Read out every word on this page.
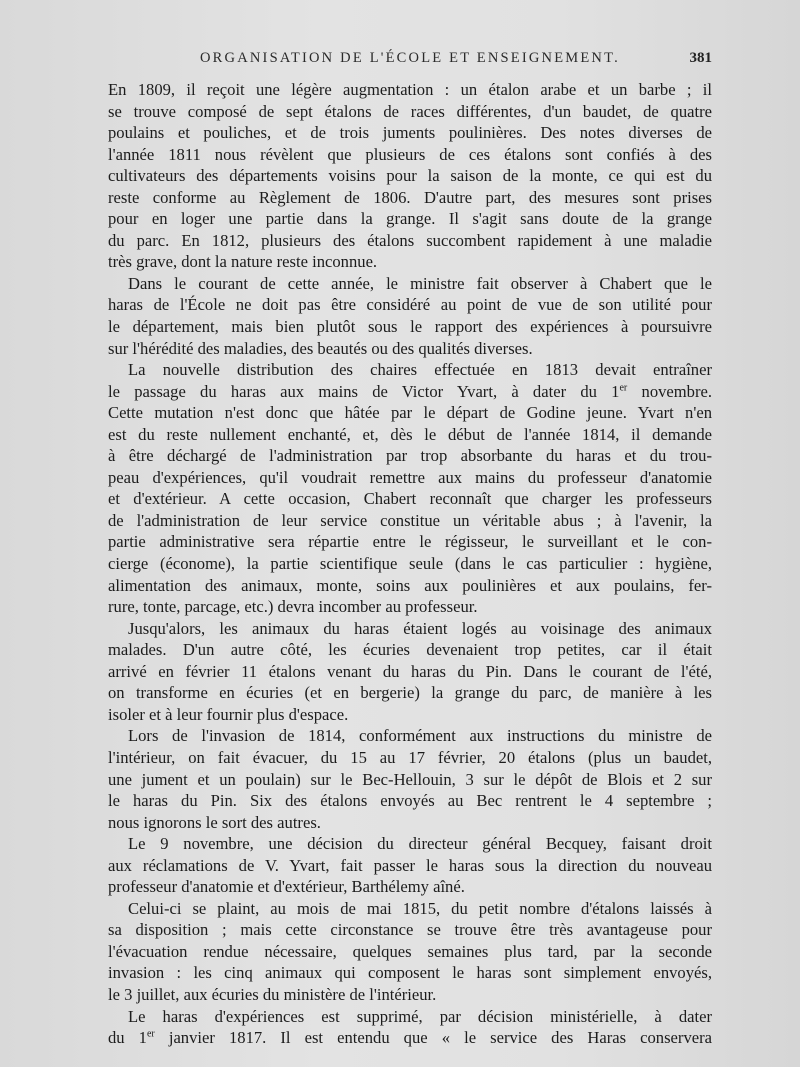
ORGANISATION DE L'ÉCOLE ET ENSEIGNEMENT.	381
En 1809, il reçoit une légère augmentation : un étalon arabe et un barbe ; il
se trouve composé de sept étalons de races différentes, d'un baudet, de quatre
poulains et pouliches, et de trois juments poulinières. Des notes diverses de
l'année 1811 nous révèlent que plusieurs de ces étalons sont confiés à des
cultivateurs des départements voisins pour la saison de la monte, ce qui est du
reste conforme au Règlement de 1806. D'autre part, des mesures sont prises
pour en loger une partie dans la grange. Il s'agit sans doute de la grange
du parc. En 1812, plusieurs des étalons succombent rapidement à une maladie
très grave, dont la nature reste inconnue.
Dans le courant de cette année, le ministre fait observer à Chabert que le
haras de l'École ne doit pas être considéré au point de vue de son utilité pour
le département, mais bien plutôt sous le rapport des expériences à poursuivre
sur l'hérédité des maladies, des beautés ou des qualités diverses.
La nouvelle distribution des chaires effectuée en 1813 devait entraîner
le passage du haras aux mains de Victor Yvart, à dater du 1er novembre.
Cette mutation n'est donc que hâtée par le départ de Godine jeune. Yvart n'en
est du reste nullement enchanté, et, dès le début de l'année 1814, il demande
à être déchargé de l'administration par trop absorbante du haras et du trou-
peau d'expériences, qu'il voudrait remettre aux mains du professeur d'anatomie
et d'extérieur. A cette occasion, Chabert reconnaît que charger les professeurs
de l'administration de leur service constitue un véritable abus ; à l'avenir, la
partie administrative sera répartie entre le régisseur, le surveillant et le con-
cierge (économe), la partie scientifique seule (dans le cas particulier : hygiène,
alimentation des animaux, monte, soins aux poulinières et aux poulains, fer-
rure, tonte, parcage, etc.) devra incomber au professeur.
Jusqu'alors, les animaux du haras étaient logés au voisinage des animaux
malades. D'un autre côté, les écuries devenaient trop petites, car il était
arrivé en février 11 étalons venant du haras du Pin. Dans le courant de l'été,
on transforme en écuries (et en bergerie) la grange du parc, de manière à les
isoler et à leur fournir plus d'espace.
Lors de l'invasion de 1814, conformément aux instructions du ministre de
l'intérieur, on fait évacuer, du 15 au 17 février, 20 étalons (plus un baudet,
une jument et un poulain) sur le Bec-Hellouin, 3 sur le dépôt de Blois et 2 sur
le haras du Pin. Six des étalons envoyés au Bec rentrent le 4 septembre ;
nous ignorons le sort des autres.
Le 9 novembre, une décision du directeur général Becquey, faisant droit
aux réclamations de V. Yvart, fait passer le haras sous la direction du nouveau
professeur d'anatomie et d'extérieur, Barthélemy aîné.
Celui-ci se plaint, au mois de mai 1815, du petit nombre d'étalons laissés à
sa disposition ; mais cette circonstance se trouve être très avantageuse pour
l'évacuation rendue nécessaire, quelques semaines plus tard, par la seconde
invasion : les cinq animaux qui composent le haras sont simplement envoyés,
le 3 juillet, aux écuries du ministère de l'intérieur.
Le haras d'expériences est supprimé, par décision ministérielle, à dater
du 1er janvier 1817. Il est entendu que « le service des Haras conservera
